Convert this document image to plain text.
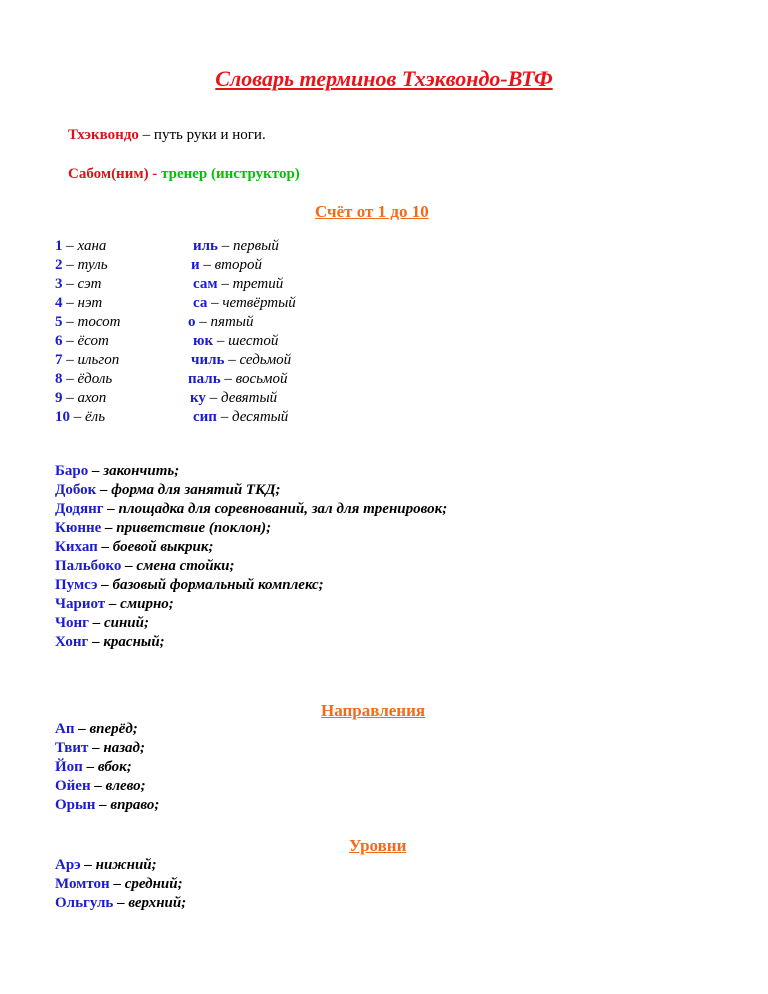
Словарь терминов Тхэквондо-ВТФ
Тхэквондо – путь руки и ноги.
Сабом(ним) - тренер (инструктор)
Счёт от 1 до 10
1 – хана	иль – первый
2 – туль	и – второй
3 – сэт	сам – третий
4 – нэт	са – четвёртый
5 – тосот	о – пятый
6 – ёсот	юк – шестой
7 – ильгоп	чиль – седьмой
8 – ёдоль	паль – восьмой
9 – ахоп	ку – девятый
10 – ёль	сип – десятый
Баро – закончить;
Добок – форма для занятий ТКД;
Додянг – площадка для соревнований, зал для тренировок;
Кюнне – приветствие (поклон);
Кихап – боевой выкрик;
Пальбоко – смена стойки;
Пумсэ – базовый формальный комплекс;
Чариот – смирно;
Чонг – синий;
Хонг – красный;
Направления
Ап – вперёд;
Твит – назад;
Йоп – вбок;
Ойен – влево;
Орын – вправо;
Уровни
Арэ – нижний;
Момтон – средний;
Ольгуль – верхний;
